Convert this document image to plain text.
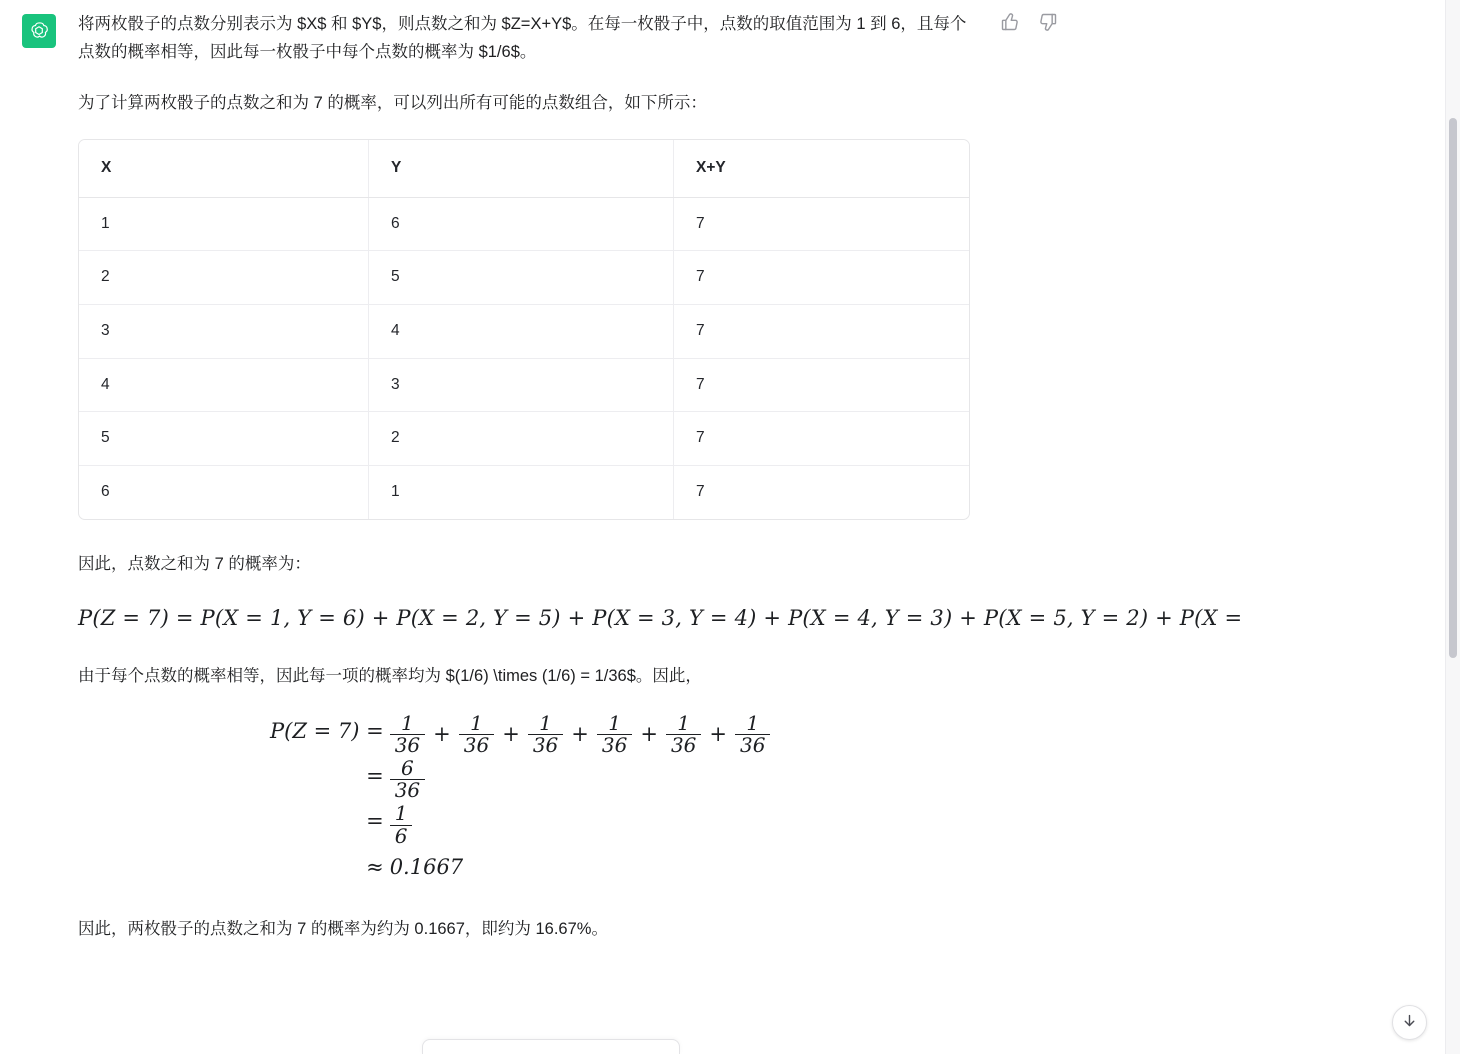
将两枚骰子的点数分别表示为 $X$ 和 $Y$，则点数之和为 $Z=X+Y$。在每一枚骰子中，点数的取值范围为 1 到 6，且每个点数的概率相等，因此每一枚骰子中每个点数的概率为 $1/6$。

为了计算两枚骰子的点数之和为 7 的概率，可以列出所有可能的点数组合，如下所示：

X	Y	X+Y
1	6	7
2	5	7
3	4	7
4	3	7
5	2	7
6	1	7

因此，点数之和为 7 的概率为：

P(Z = 7) = P(X = 1, Y = 6) + P(X = 2, Y = 5) + P(X = 3, Y = 4) + P(X = 4, Y = 3) + P(X = 5, Y = 2) + P(X =

由于每个点数的概率相等，因此每一项的概率均为 $(1/6) \times (1/6) = 1/36$。因此，

$P(Z = 7) = \frac{1}{36} + \frac{1}{36} + \frac{1}{36} + \frac{1}{36} + \frac{1}{36} + \frac{1}{36}$
= $\frac{6}{36}$
= $\frac{1}{6}$
≈ 0.1667

因此，两枚骰子的点数之和为 7 的概率为约为 0.1667，即约为 16.67%。
